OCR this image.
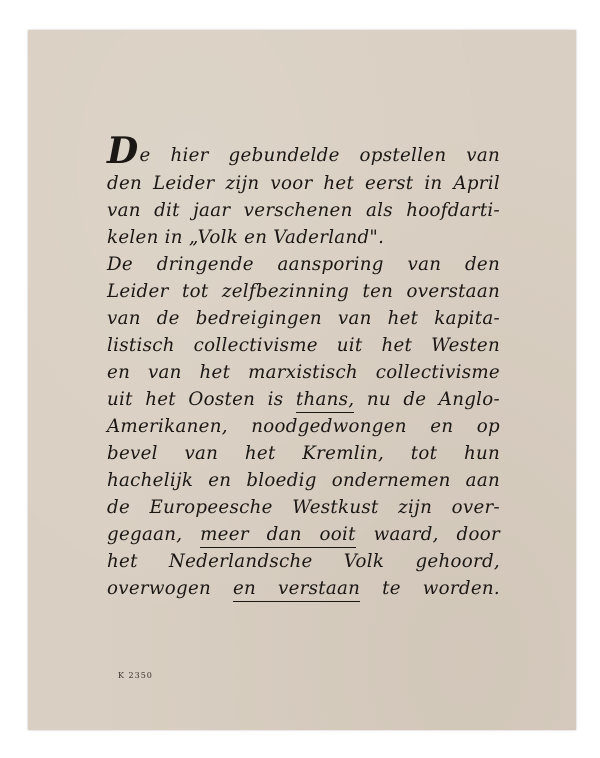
De hier gebundelde opstellen van
den Leider zijn voor het eerst in April
van dit jaar verschenen als hoofdarti-
kelen in „Volk en Vaderland".
De dringende aansporing van den
Leider tot zelfbezinning ten overstaan
van de bedreigingen van het kapita-
listisch collectivisme uit het Westen
en van het marxistisch collectivisme
uit het Oosten is thans, nu de Anglo-
Amerikanen, noodgedwongen en op
bevel van het Kremlin, tot hun
hachelijk en bloedig ondernemen aan
de Europeesche Westkust zijn over-
gegaan, meer dan ooit waard, door
het Nederlandsche Volk gehoord,
overwogen en verstaan te worden.
K 2350
